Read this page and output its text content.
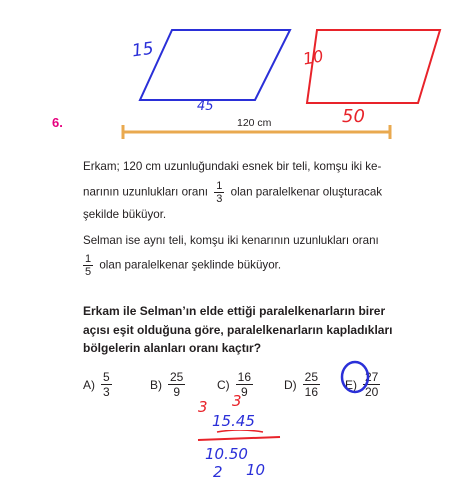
15
45
10
50
6.	120 cm
Erkam; 120 cm uzunluğundaki esnek bir teli, komşu iki ke-
narının uzunlukları oranı $\frac{1}{3}$ olan paralelkenar oluşturacak
şekilde büküyor.
Selman ise aynı teli, komşu iki kenarının uzunlukları oranı
$\frac{1}{5}$ olan paralelkenar şeklinde büküyor.
Erkam ile Selman’ın elde ettiği paralelkenarların birer
açısı eşit olduğuna göre, paralelkenarların kapladıkları
bölgelerin alanları oranı kaçtır?
$A) \frac{5}{3}$	$B) \frac{25}{9}$	$C) \frac{16}{9}$	$D) \frac{25}{16} E) \frac{27}{20}$
3 3
15.45
10.50
2 10
